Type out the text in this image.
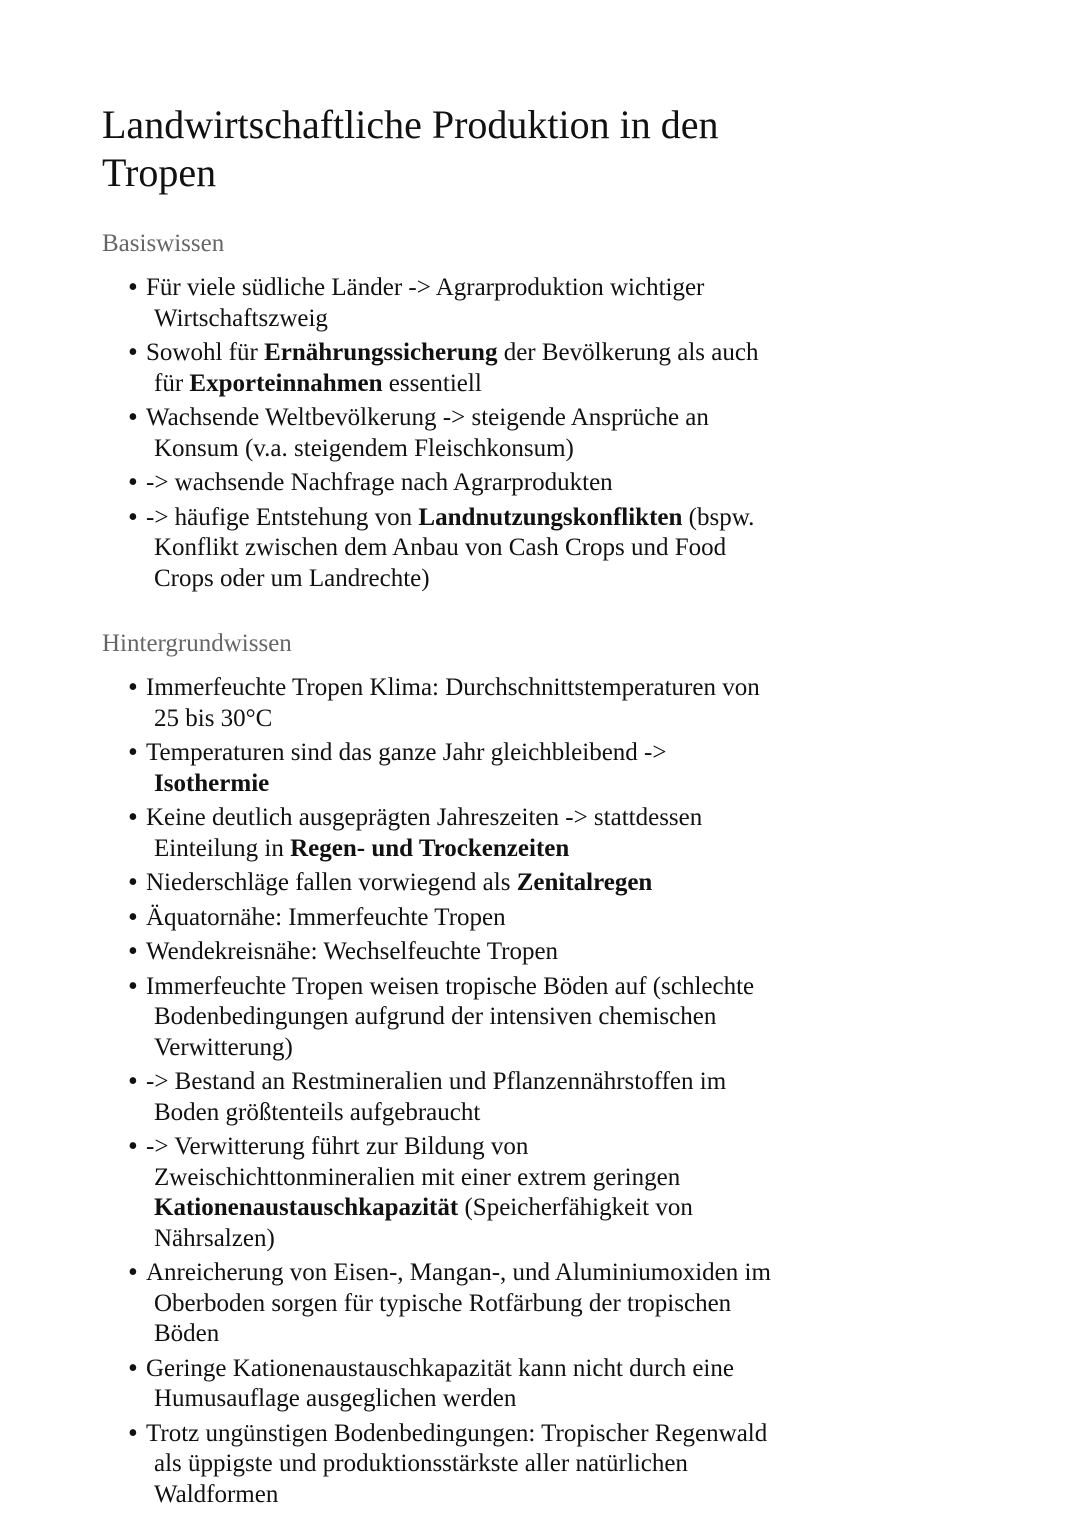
Landwirtschaftliche Produktion in den Tropen
Basiswissen
• Für viele südliche Länder -> Agrarproduktion wichtiger Wirtschaftszweig
• Sowohl für Ernährungssicherung der Bevölkerung als auch für Exporteinnahmen essentiell
• Wachsende Weltbevölkerung -> steigende Ansprüche an Konsum (v.a. steigendem Fleischkonsum)
• -> wachsende Nachfrage nach Agrarprodukten
• -> häufige Entstehung von Landnutzungskonflikten (bspw. Konflikt zwischen dem Anbau von Cash Crops und Food Crops oder um Landrechte)
Hintergrundwissen
• Immerfeuchte Tropen Klima: Durchschnittstemperaturen von 25 bis 30°C
• Temperaturen sind das ganze Jahr gleichbleibend -> Isothermie
• Keine deutlich ausgeprägten Jahreszeiten -> stattdessen Einteilung in Regen- und Trockenzeiten
• Niederschläge fallen vorwiegend als Zenitalregen
• Äquatornähe: Immerfeuchte Tropen
• Wendekreisnähe: Wechselfeuchte Tropen
• Immerfeuchte Tropen weisen tropische Böden auf (schlechte Bodenbedingungen aufgrund der intensiven chemischen Verwitterung)
• -> Bestand an Restmineralien und Pflanzennährstoffen im Boden größtenteils aufgebraucht
• -> Verwitterung führt zur Bildung von Zweischichttonmineralien mit einer extrem geringen Kationenaustauschkapazität (Speicherfähigkeit von Nährsalzen)
• Anreicherung von Eisen-, Mangan-, und Aluminiumoxiden im Oberboden sorgen für typische Rotfärbung der tropischen Böden
• Geringe Kationenaustauschkapazität kann nicht durch eine Humusauflage ausgeglichen werden
• Trotz ungünstigen Bodenbedingungen: Tropischer Regenwald als üppigste und produktionsstärkste aller natürlichen Waldformen
